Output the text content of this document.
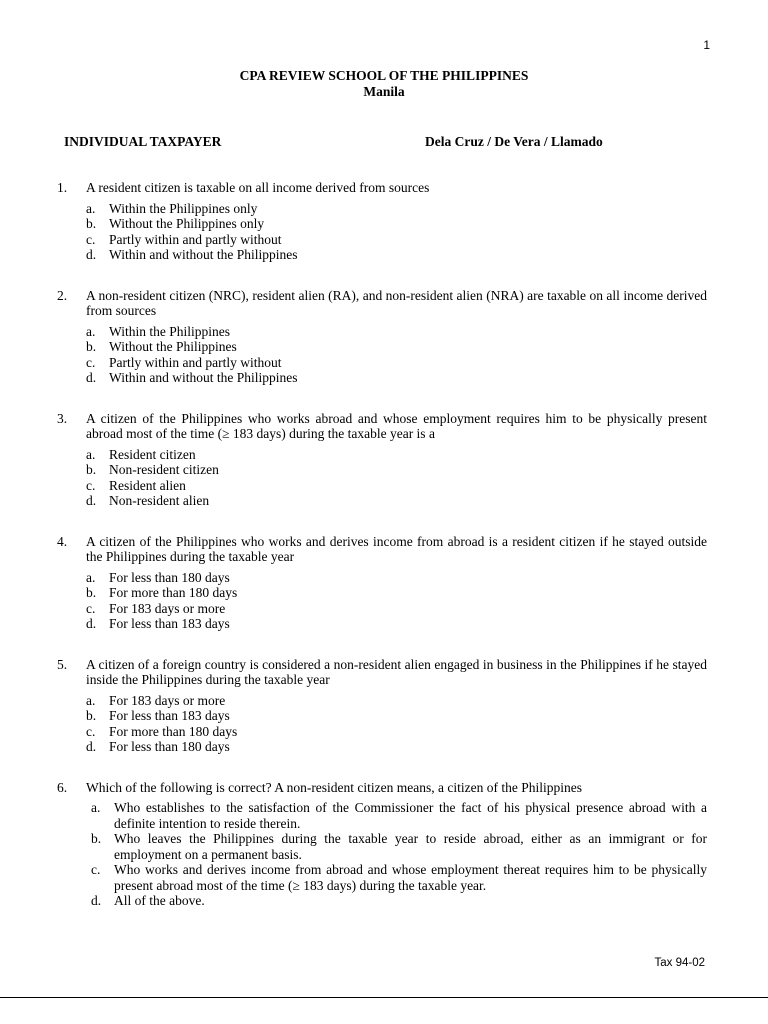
1
CPA REVIEW SCHOOL OF THE PHILIPPINES
Manila
INDIVIDUAL TAXPAYER	Dela Cruz / De Vera / Llamado
1.	A resident citizen is taxable on all income derived from sources
a.	Within the Philippines only
b. Without the Philippines only
c.	Partly within and partly without
d. Within and without the Philippines
2.	A non-resident citizen (NRC), resident alien (RA), and non-resident alien (NRA) are taxable on all income derived from sources
a.	Within the Philippines
b. Without the Philippines
c.	Partly within and partly without
d. Within and without the Philippines
3.	A citizen of the Philippines who works abroad and whose employment requires him to be physically present abroad most of the time (≥ 183 days) during the taxable year is a
a.	Resident citizen
b. Non-resident citizen
c.	Resident alien
d. Non-resident alien
4.	A citizen of the Philippines who works and derives income from abroad is a resident citizen if he stayed outside the Philippines during the taxable year
a.	For less than 180 days
b. For more than 180 days
c.	For 183 days or more
d. For less than 183 days
5.	A citizen of a foreign country is considered a non-resident alien engaged in business in the Philippines if he stayed inside the Philippines during the taxable year
a.	For 183 days or more
b. For less than 183 days
c.	For more than 180 days
d. For less than 180 days
6.	Which of the following is correct? A non-resident citizen means, a citizen of the Philippines
a.	Who establishes to the satisfaction of the Commissioner the fact of his physical presence abroad with a definite intention to reside therein.
b. Who leaves the Philippines during the taxable year to reside abroad, either as an immigrant or for employment on a permanent basis.
c.	Who works and derives income from abroad and whose employment thereat requires him to be physically present abroad most of the time (≥ 183 days) during the taxable year.
d. All of the above.
Tax 94-02
